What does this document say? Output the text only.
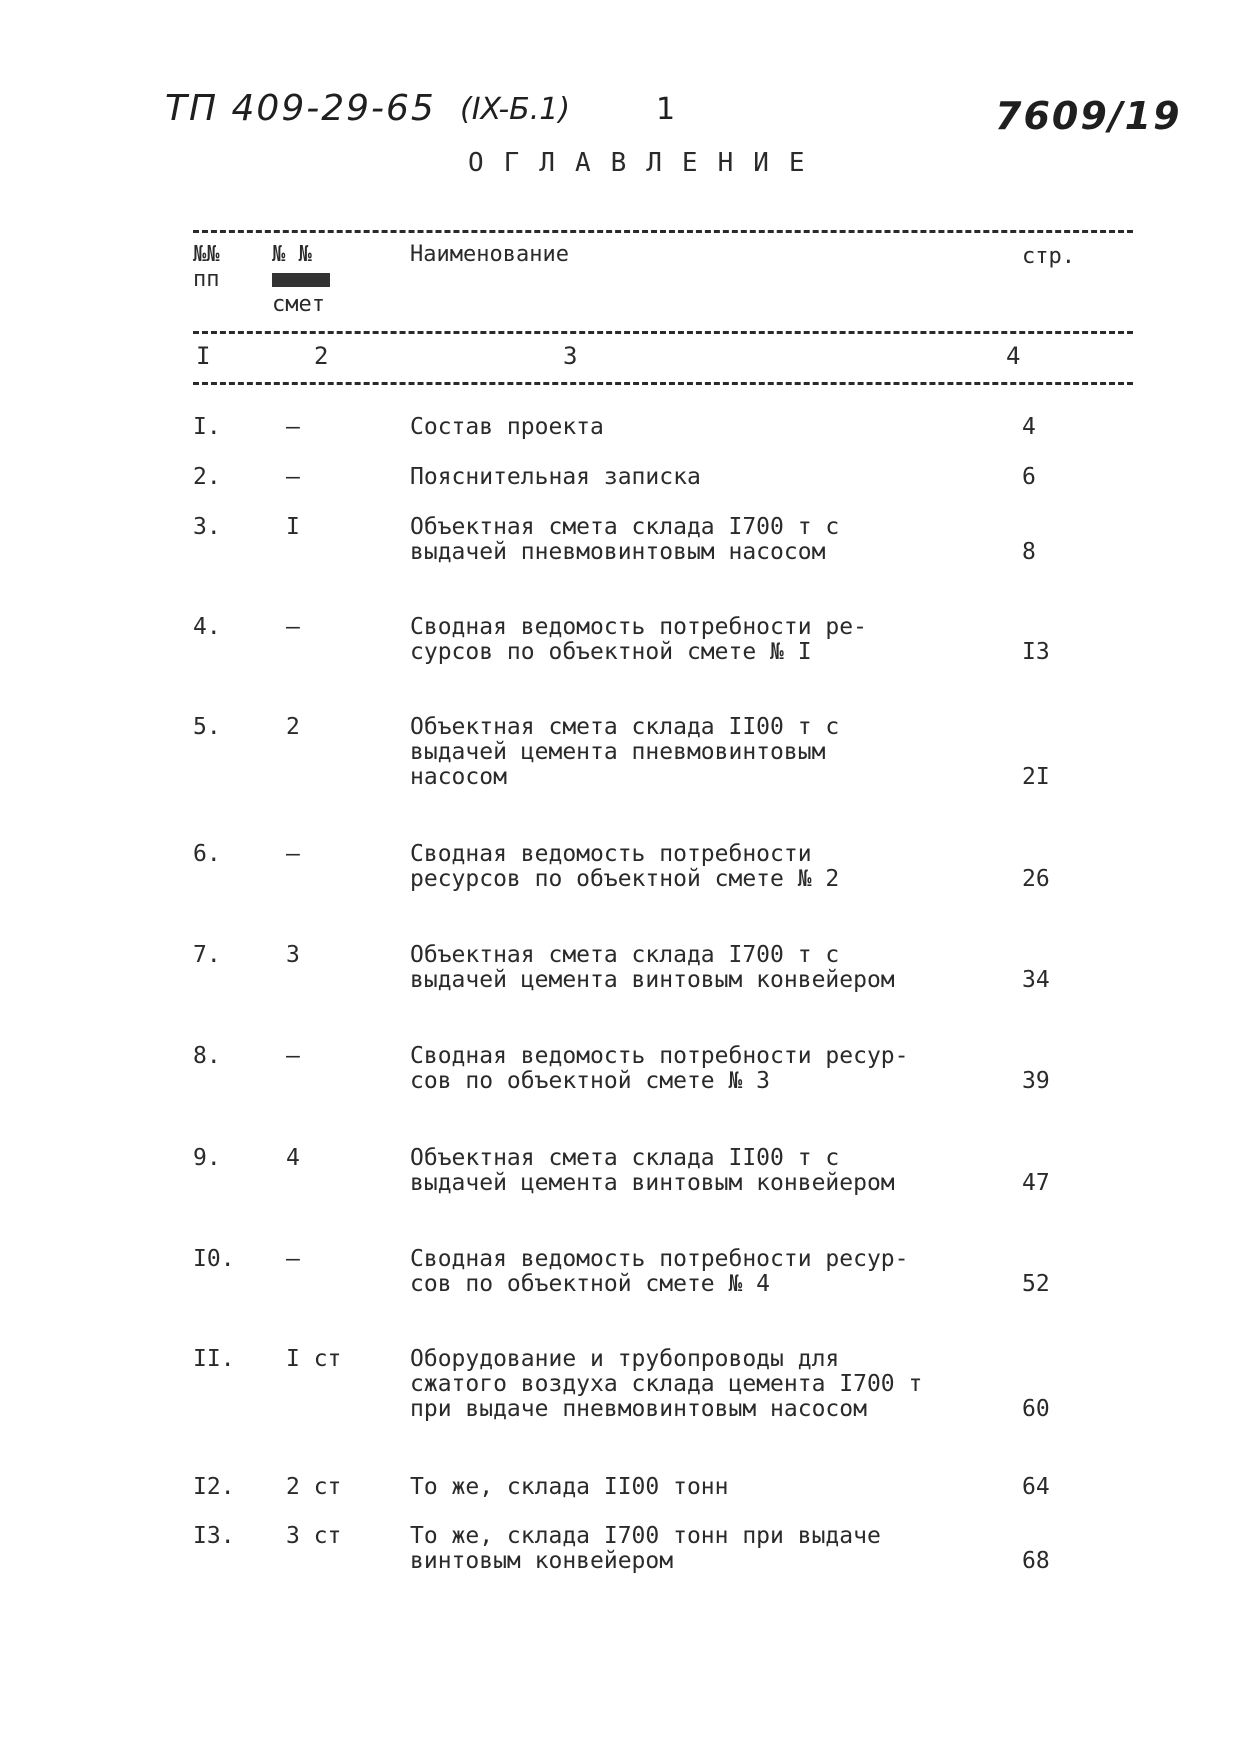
ТП 409-29-65 (IX-Б.1)	1	7609/19
ОГЛАВЛЕНИЕ
№№
пп
№ №
смет
Наименование	стр.
I	2	3	4
I.	–	Состав проекта	4
2.	–	Пояснительная записка	6
3.	I	Объектная смета склада I700 т с
выдачей пневмовинтовым насосом	8
4.	–	Сводная ведомость потребности ре-
сурсов по объектной смете № I	I3
5.	2	Объектная смета склада II00 т с
выдачей цемента пневмовинтовым
насосом	2I
6.	–	Сводная ведомость потребности
ресурсов по объектной смете № 2	26
7.	3	Объектная смета склада I700 т с
выдачей цемента винтовым конвейером	34
8.	–	Сводная ведомость потребности ресур-
сов по объектной смете № 3	39
9.	4	Объектная смета склада II00 т с
выдачей цемента винтовым конвейером	47
I0. –	Сводная ведомость потребности ресур-
сов по объектной смете № 4	52
II. I ст	Оборудование и трубопроводы для
сжатого воздуха склада цемента I700 т
при выдаче пневмовинтовым насосом	60
I2. 2 ст	То же, склада II00 тонн	64
I3. 3 ст	То же, склада I700 тонн при выдаче
винтовым конвейером	68
